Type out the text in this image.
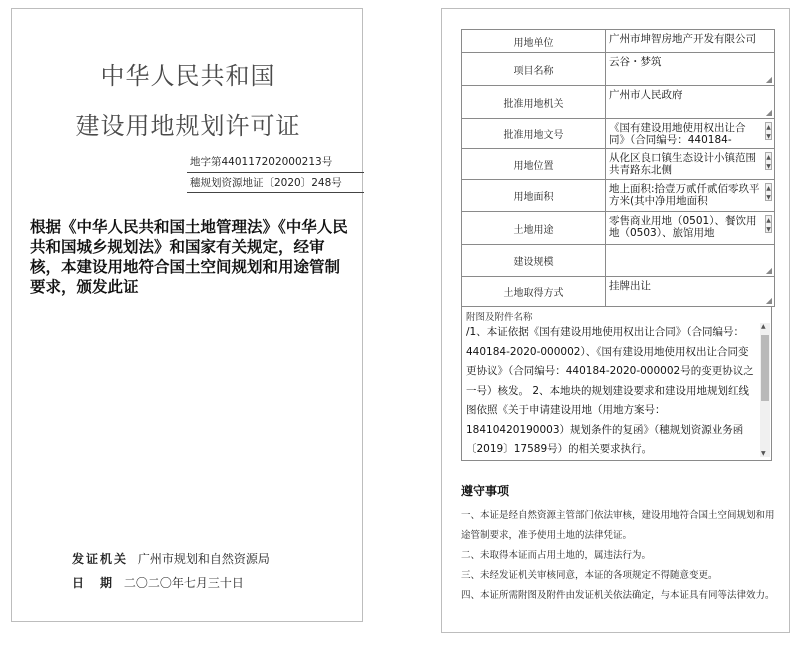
中华人民共和国
建设用地规划许可证
地字第440117202000213号
穗规划资源地证〔2020〕248号
根据《中华人民共和国土地管理法》《中华人民共和国城乡规划法》和国家有关规定，经审核，本建设用地符合国土空间规划和用途管制要求，颁发此证
发证机关 广州市规划和自然资源局
日　期 二〇二〇年七月三十日
用地单位	广州市坤智房地产开发有限公司

项目名称	云谷・梦筑
◢

批准用地机关	广州市人民政府
◢

批准用地文号	《国有建设用地使用权出让合同》（合同编号：440184-
▲
▼

用地位置	从化区良口镇生态设计小镇范围共青路东北侧
▲
▼

用地面积	地上面积:拾壹万贰仟贰佰零玖平方米(其中净用地面积
▲
▼

土地用途	零售商业用地（0501）、餐饮用地（0503）、旅馆用地
▲
▼

建设规模	◢

土地取得方式	挂牌出让
◢
附图及附件名称
/1、本证依据《国有建设用地使用权出让合同》（合同编号：440184-2020-000002）、《国有建设用地使用权出让合同变更协议》（合同编号：440184-2020-000002号的变更协议之一号）核发。 2、本地块的规划建设要求和建设用地规划红线图依照《关于申请建设用地（用地方案号：18410420190003）规划条件的复函》（穗规划资源业务函〔2019〕17589号）的相关要求执行。
▲
▼
遵守事项
一、本证是经自然资源主管部门依法审核，建设用地符合国土空间规划和用途管制要求，准予使用土地的法律凭证。
二、未取得本证而占用土地的，属违法行为。
三、未经发证机关审核同意，本证的各项规定不得随意变更。
四、本证所需附图及附件由发证机关依法确定，与本证具有同等法律效力。
